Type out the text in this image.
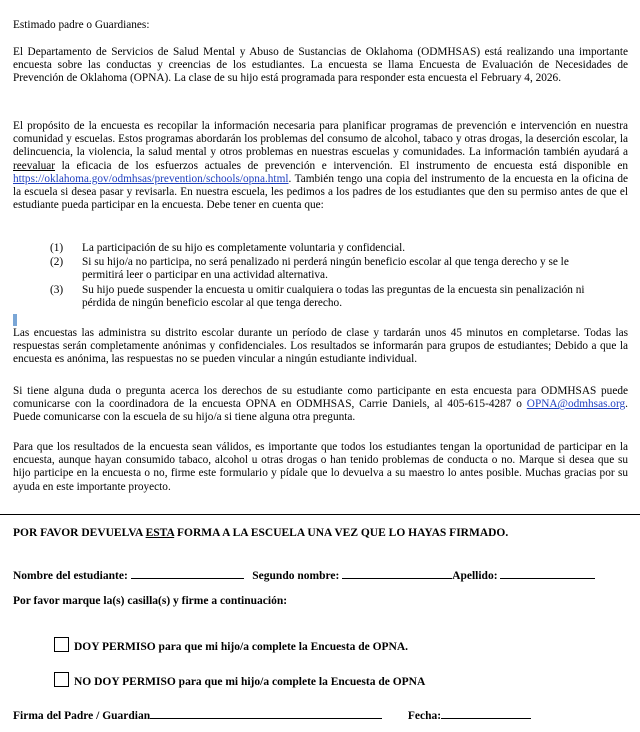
Estimado padre o Guardianes:

El Departamento de Servicios de Salud Mental y Abuso de Sustancias de Oklahoma (ODMHSAS) está realizando una importante encuesta sobre las conductas y creencias de los estudiantes. La encuesta se llama Encuesta de Evaluación de Necesidades de Prevención de Oklahoma (OPNA). La clase de su hijo está programada para responder esta encuesta el February 4, 2026.

El propósito de la encuesta es recopilar la información necesaria para planificar programas de prevención e intervención en nuestra comunidad y escuelas. Estos programas abordarán los problemas del consumo de alcohol, tabaco y otras drogas, la deserción escolar, la delincuencia, la violencia, la salud mental y otros problemas en nuestras escuelas y comunidades. La información también ayudará a reevaluar la eficacia de los esfuerzos actuales de prevención e intervención. El instrumento de encuesta está disponible en https://oklahoma.gov/odmhsas/prevention/schools/opna.html. También tengo una copia del instrumento de la encuesta en la oficina de la escuela si desea pasar y revisarla. En nuestra escuela, les pedimos a los padres de los estudiantes que den su permiso antes de que el estudiante pueda participar en la encuesta. Debe tener en cuenta que:

(1) La participación de su hijo es completamente voluntaria y confidencial.
(2) Si su hijo/a no participa, no será penalizado ni perderá ningún beneficio escolar al que tenga derecho y se le permitirá leer o participar en una actividad alternativa.
(3) Su hijo puede suspender la encuesta u omitir cualquiera o todas las preguntas de la encuesta sin penalización ni pérdida de ningún beneficio escolar al que tenga derecho.

Las encuestas las administra su distrito escolar durante un período de clase y tardarán unos 45 minutos en completarse. Todas las respuestas serán completamente anónimas y confidenciales. Los resultados se informarán para grupos de estudiantes; Debido a que la encuesta es anónima, las respuestas no se pueden vincular a ningún estudiante individual.

Si tiene alguna duda o pregunta acerca los derechos de su estudiante como participante en esta encuesta para ODMHSAS puede comunicarse con la coordinadora de la encuesta OPNA en ODMHSAS, Carrie Daniels, al 405-615-4287 o OPNA@odmhsas.org. Puede comunicarse con la escuela de su hijo/a si tiene alguna otra pregunta.

Para que los resultados de la encuesta sean válidos, es importante que todos los estudiantes tengan la oportunidad de participar en la encuesta, aunque hayan consumido tabaco, alcohol u otras drogas o han tenido problemas de conducta o no. Marque si desea que su hijo participe en la encuesta o no, firme este formulario y pídale que lo devuelva a su maestro lo antes posible. Muchas gracias por su ayuda en este importante proyecto.

POR FAVOR DEVUELVA ESTA FORMA A LA ESCUELA UNA VEZ QUE LO HAYAS FIRMADO.
Nombre del estudiante:	Segundo nombre:	Apellido:
Por favor marque la(s) casilla(s) y firme a continuación:
DOY PERMISO para que mi hijo/a complete la Encuesta de OPNA.
NO DOY PERMISO para que mi hijo/a complete la Encuesta de OPNA
Firma del Padre / Guardian	Fecha:
